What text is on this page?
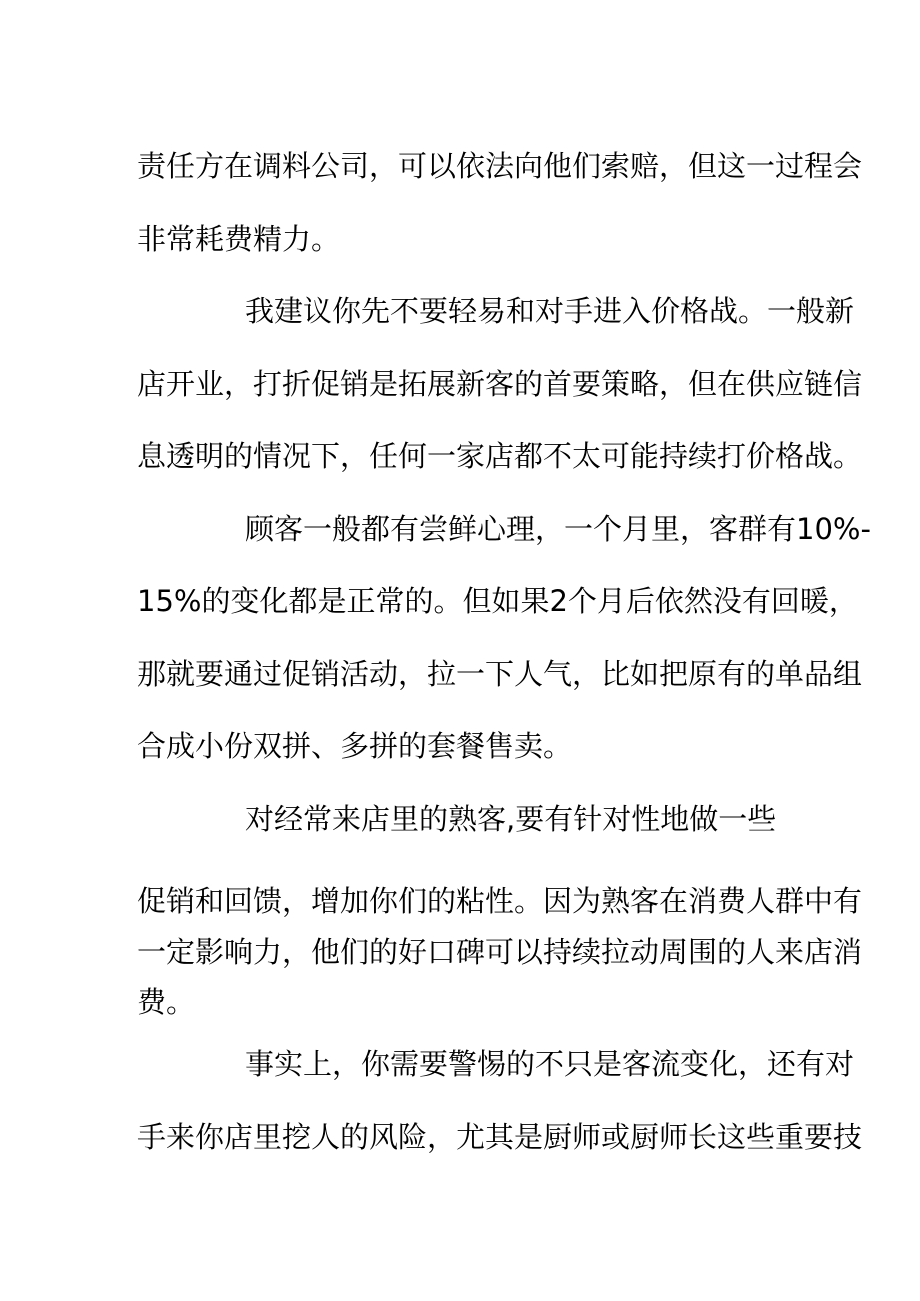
责任方在调料公司，可以依法向他们索赔，但这一过程会
非常耗费精力。
我建议你先不要轻易和对手进入价格战。一般新
店开业，打折促销是拓展新客的首要策略，但在供应链信
息透明的情况下，任何一家店都不太可能持续打价格战。
顾客一般都有尝鲜心理，一个月里，客群有10%-
15%的变化都是正常的。但如果2个月后依然没有回暖，
那就要通过促销活动，拉一下人气，比如把原有的单品组
合成小份双拼、多拼的套餐售卖。
对经常来店里的熟客,要有针对性地做一些
促销和回馈，增加你们的粘性。因为熟客在消费人群中有
一定影响力，他们的好口碑可以持续拉动周围的人来店消
费。
事实上，你需要警惕的不只是客流变化，还有对
手来你店里挖人的风险，尤其是厨师或厨师长这些重要技
